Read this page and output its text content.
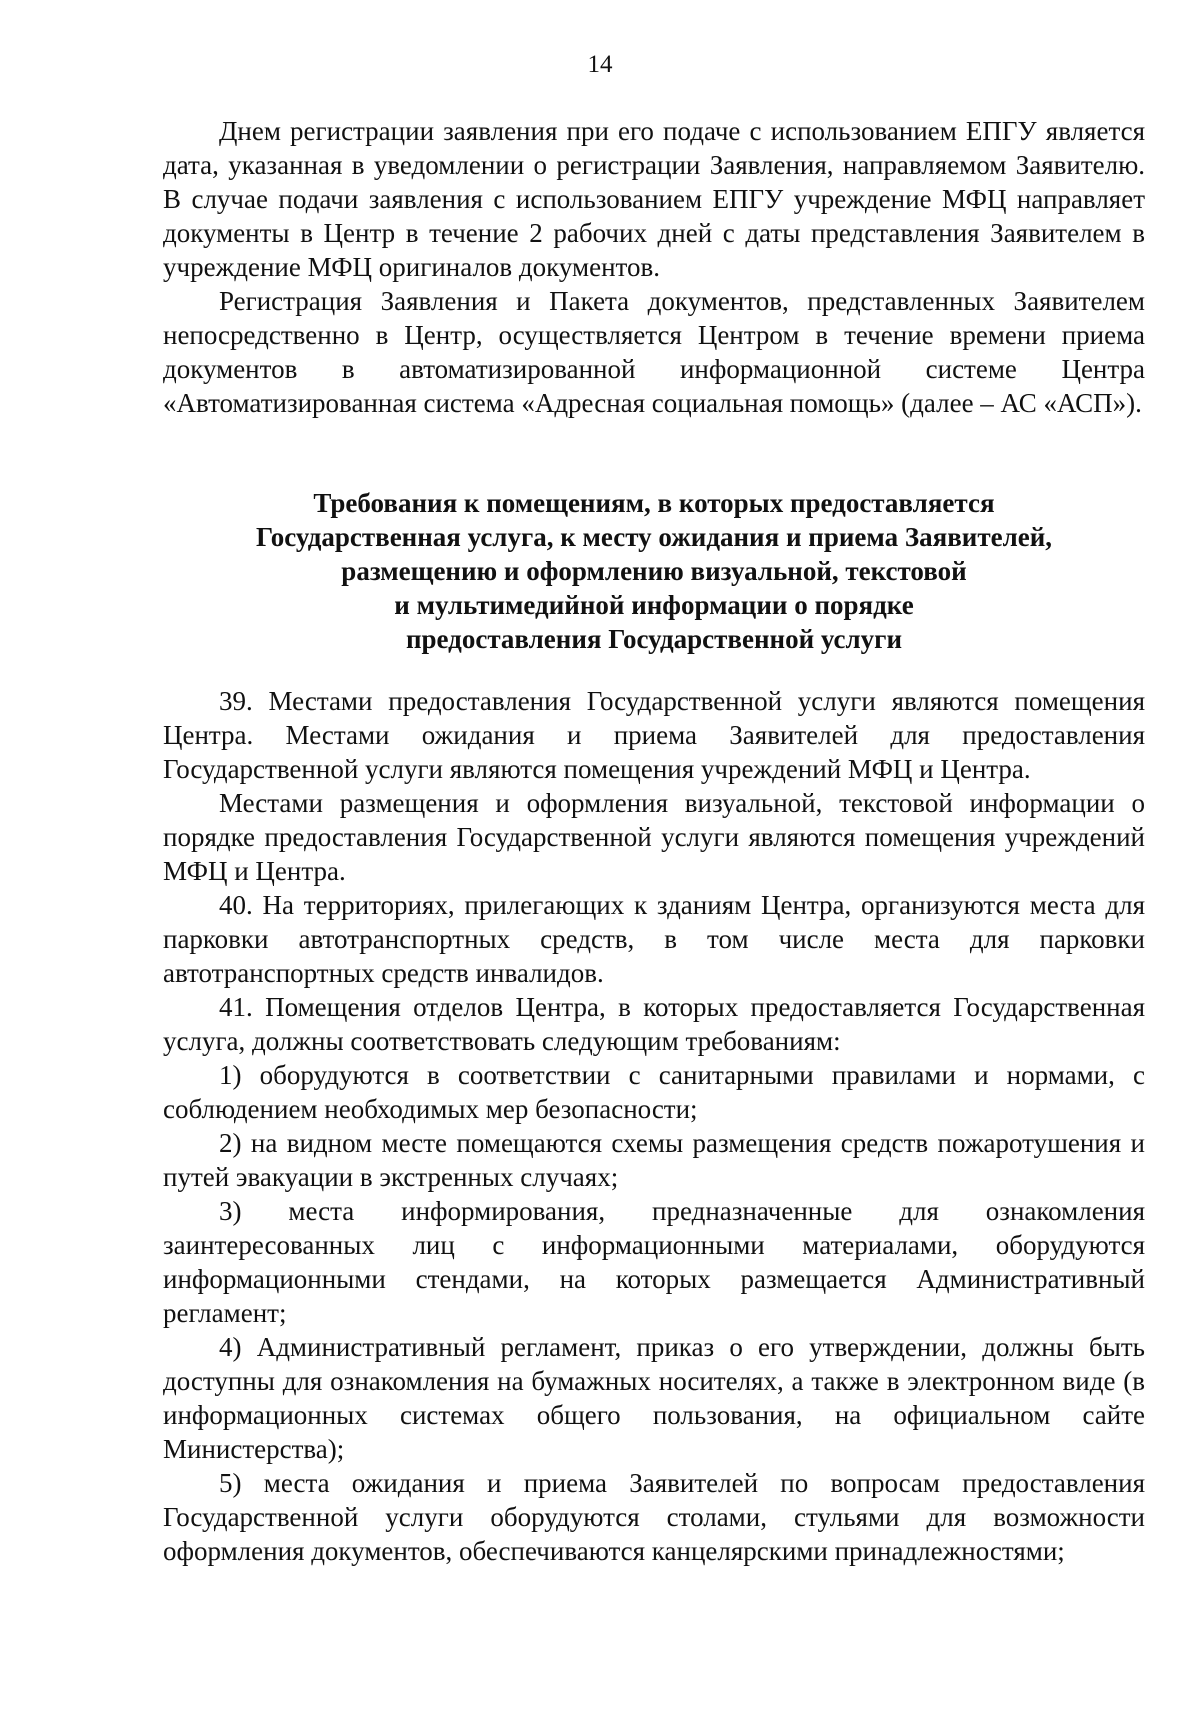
14

Днем регистрации заявления при его подаче с использованием ЕПГУ является дата, указанная в уведомлении о регистрации Заявления, направляемом Заявителю. В случае подачи заявления с использованием ЕПГУ учреждение МФЦ направляет документы в Центр в течение 2 рабочих дней с даты представления Заявителем в учреждение МФЦ оригиналов документов.

Регистрация Заявления и Пакета документов, представленных Заявителем непосредственно в Центр, осуществляется Центром в течение времени приема документов в автоматизированной информационной системе Центра «Автоматизированная система «Адресная социальная помощь» (далее – АС «АСП»).

Требования к помещениям, в которых предоставляется
Государственная услуга, к месту ожидания и приема Заявителей,
размещению и оформлению визуальной, текстовой
и мультимедийной информации о порядке
предоставления Государственной услуги

39. Местами предоставления Государственной услуги являются помещения Центра. Местами ожидания и приема Заявителей для предоставления Государственной услуги являются помещения учреждений МФЦ и Центра.

Местами размещения и оформления визуальной, текстовой информации о порядке предоставления Государственной услуги являются помещения учреждений МФЦ и Центра.

40. На территориях, прилегающих к зданиям Центра, организуются места для парковки автотранспортных средств, в том числе места для парковки автотранспортных средств инвалидов.

41. Помещения отделов Центра, в которых предоставляется Государственная услуга, должны соответствовать следующим требованиям:

1) оборудуются в соответствии с санитарными правилами и нормами, с соблюдением необходимых мер безопасности;

2) на видном месте помещаются схемы размещения средств пожаротушения и путей эвакуации в экстренных случаях;

3) места информирования, предназначенные для ознакомления заинтересованных лиц с информационными материалами, оборудуются информационными стендами, на которых размещается Административный регламент;

4) Административный регламент, приказ о его утверждении, должны быть доступны для ознакомления на бумажных носителях, а также в электронном виде (в информационных системах общего пользования, на официальном сайте Министерства);

5) места ожидания и приема Заявителей по вопросам предоставления Государственной услуги оборудуются столами, стульями для возможности оформления документов, обеспечиваются канцелярскими принадлежностями;
